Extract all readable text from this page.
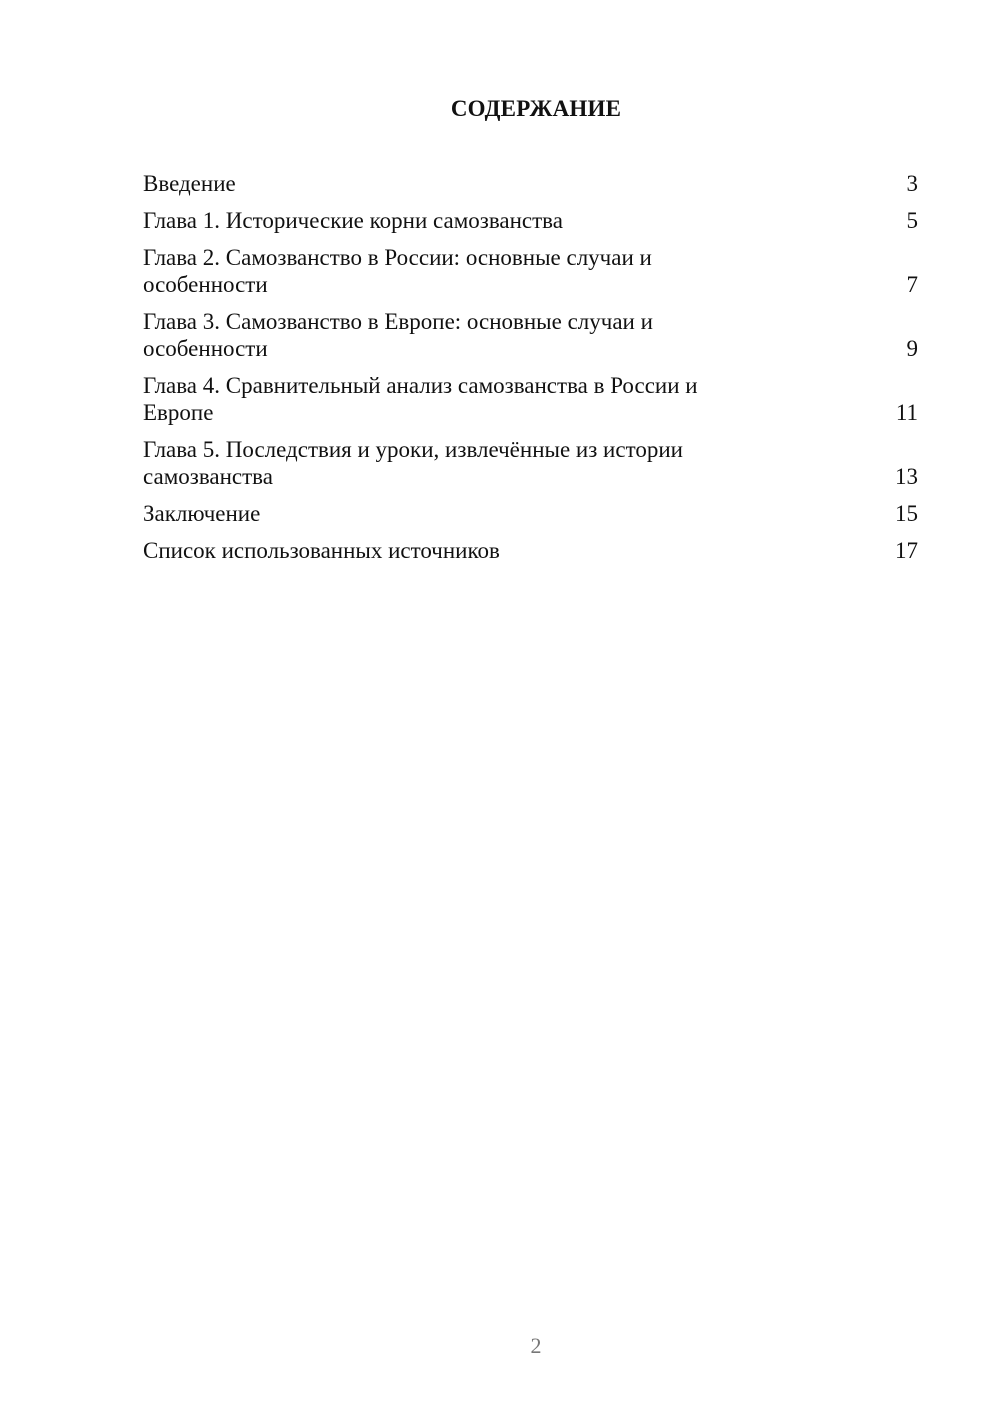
СОДЕРЖАНИЕ
Введение	3
Глава 1. Исторические корни самозванства	5
Глава 2. Самозванство в России: основные случаи и особенности	7
Глава 3. Самозванство в Европе: основные случаи и особенности	9
Глава 4. Сравнительный анализ самозванства в России и Европе	11
Глава 5. Последствия и уроки, извлечённые из истории самозванства	13
Заключение	15
Список использованных источников	17
2
